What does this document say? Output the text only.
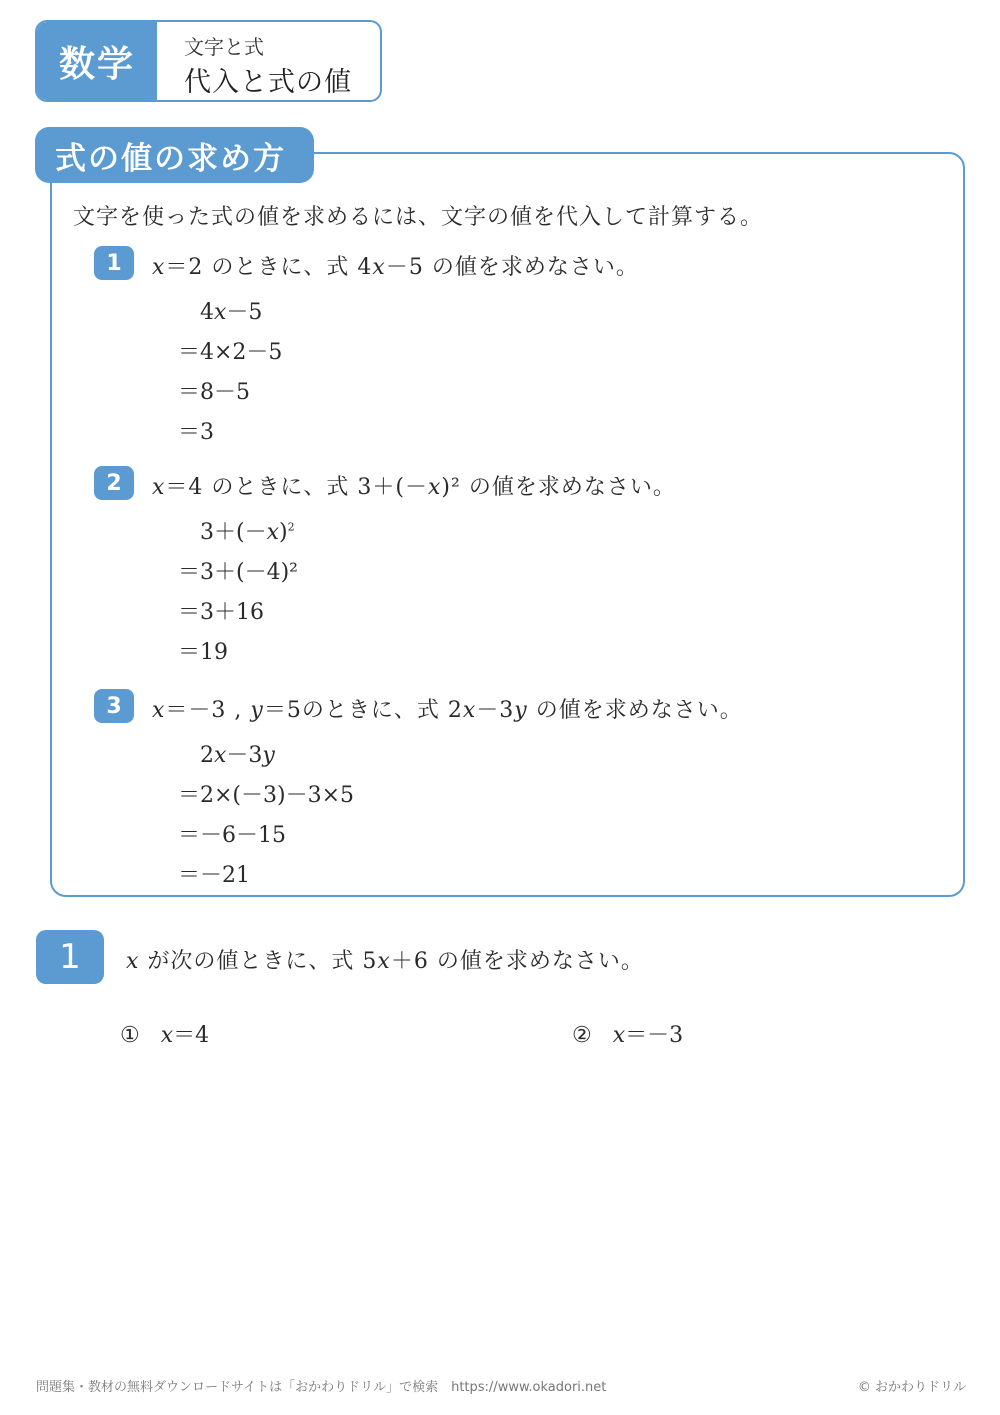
数学	文字と式
代入と式の値
式の値の求め方
文字を使った式の値を求めるには、文字の値を代入して計算する。
1	x＝2 のときに、式 4x－5 の値を求めなさい。
4x－5
＝4×2－5
＝8－5
＝3
2	x＝4 のときに、式 3＋(－x)² の値を求めなさい。
$3+(-x)^2$
＝3＋(－4)²
＝3＋16
＝19
3	x＝－3 , y＝5のときに、式 2x－3y の値を求めなさい。
2x－3y
＝2×(－3)－3×5
＝－6－15
＝－21
1	x が次の値ときに、式 5x＋6 の値を求めなさい。
① x＝4	② x＝－3
問題集・教材の無料ダウンロードサイトは「おかわりドリル」で検索　https://www.okadori.net	© おかわりドリル
